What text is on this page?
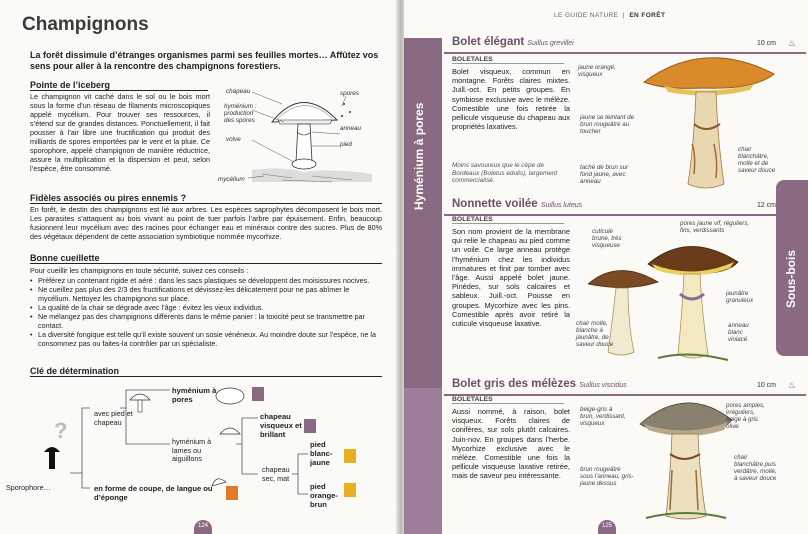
Champignons
La forêt dissimule d’étranges organismes parmi ses feuilles mortes… Affûtez vos sens pour aller à la rencontre des champignons forestiers.
Pointe de l’iceberg
Le champignon vit caché dans le sol ou le bois mort sous la forme d’un réseau de filaments microscopiques appelé mycélium. Pour trouver ses ressources, il s’étend sur de grandes distances. Ponctuellement, il fait pousser à l’air libre une fructification qui produit des milliards de spores emportées par le vent et la pluie. Ce sporophore, appelé champignon de manière réductrice, assure la multiplication et la dispersion et peut, selon l’espèce, être consommé.
chapeau
hyménium : production des spores
spores
anneau
pied
volve
mycélium
Fidèles associés ou pires ennemis ?
En forêt, le destin des champignons est lié aux arbres. Les espèces saprophytes décomposent le bois mort. Les parasites s’attaquent au bois vivant au point de tuer parfois l’arbre par épuisement. Enfin, beaucoup fusionnent leur mycélium avec des racines pour échanger eau et minéraux contre des sucres. Plus de 80% des végétaux dépendent de cette association symbiotique nommée mycorhize.
Bonne cueillette
Pour cueillir les champignons en toute sécurité, suivez ces conseils :
• Préférez un contenant rigide et aéré : dans les sacs plastiques se développent des moisissures nocives.
• Ne cueillez pas plus des 2/3 des fructifications et dévissez-les délicatement pour ne pas abîmer le mycélium. Nettoyez les champignons sur place.
• La qualité de la chair se dégrade avec l’âge : évitez les vieux individus.
• Ne mélangez pas des champignons différents dans le même panier : la toxicité peut se transmettre par contact.
• La diversité fongique est telle qu’il existe souvent un sosie vénéneux. Au moindre doute sur l’espèce, ne la consommez pas ou faites-la contrôler par un spécialiste.
Clé de détermination
?
Sporophore…
avec pied et chapeau
hyménium à pores
hyménium à lames ou aiguillons
chapeau visqueux et brillant
chapeau sec, mat
pied blanc-jaune
pied orange-brun
en forme de coupe, de langue ou d’éponge
124
LE GUIDE NATURE  |  EN FORÊT
Hyménium à pores
Bolet élégant Suillus grevillei	10 cm ♨
BOLETALES
Bolet visqueux, commun en montagne. Forêts claires mixtes. Juill.-oct. En petits groupes. En symbiose exclusive avec le mélèze. Comestible une fois retirée la pellicule visqueuse du chapeau aux propriétés laxatives.
Moins savoureux que le cèpe de Bordeaux (Boletus edulis), largement commercialisé.
jaune orangé, visqueux
jaune se teintant de brun rougeâtre au toucher
chair blanchâtre, molle et de saveur douce
taché de brun sur fond jaune, avec anneau
Nonnette voilée Suillus luteus	12 cm
BOLETALES
Son nom provient de la membrane qui relie le chapeau au pied comme un voile. Ce large anneau protège l’hyménium chez les individus immatures et finit par tomber avec l’âge. Aussi appelé bolet jaune. Pinèdes, sur sols calcaires et sableux. Juill.-oct. Pousse en groupes. Mycorhize avec les pins. Comestible après avoir retiré la cuticule visqueuse laxative.
cuticule brune, très visqueuse
pores jaune vif, réguliers, fins, verdissants
jaunâtre granuleux
chair molle, blanche à jaunâtre, de saveur douce
anneau blanc violacé
Bolet gris des mélèzes Suillus viscidus	10 cm ♨
BOLETALES
Aussi nommé, à raison, bolet visqueux. Forêts claires de conifères, sur sols plutôt calcaires. Juin-nov. En groupes dans l’herbe. Mycorhize exclusive avec le mélèze. Comestible une fois la pellicule visqueuse laxative retirée, mais de saveur peu intéressante.
beige-gris à brun, verdissant, visqueux
pores amples, irréguliers, beige à gris olive
chair blanchâtre puis verdâtre, molle, à saveur douce
brun rougeâtre sous l’anneau, gris-jaune dessus
Sous-bois
125
